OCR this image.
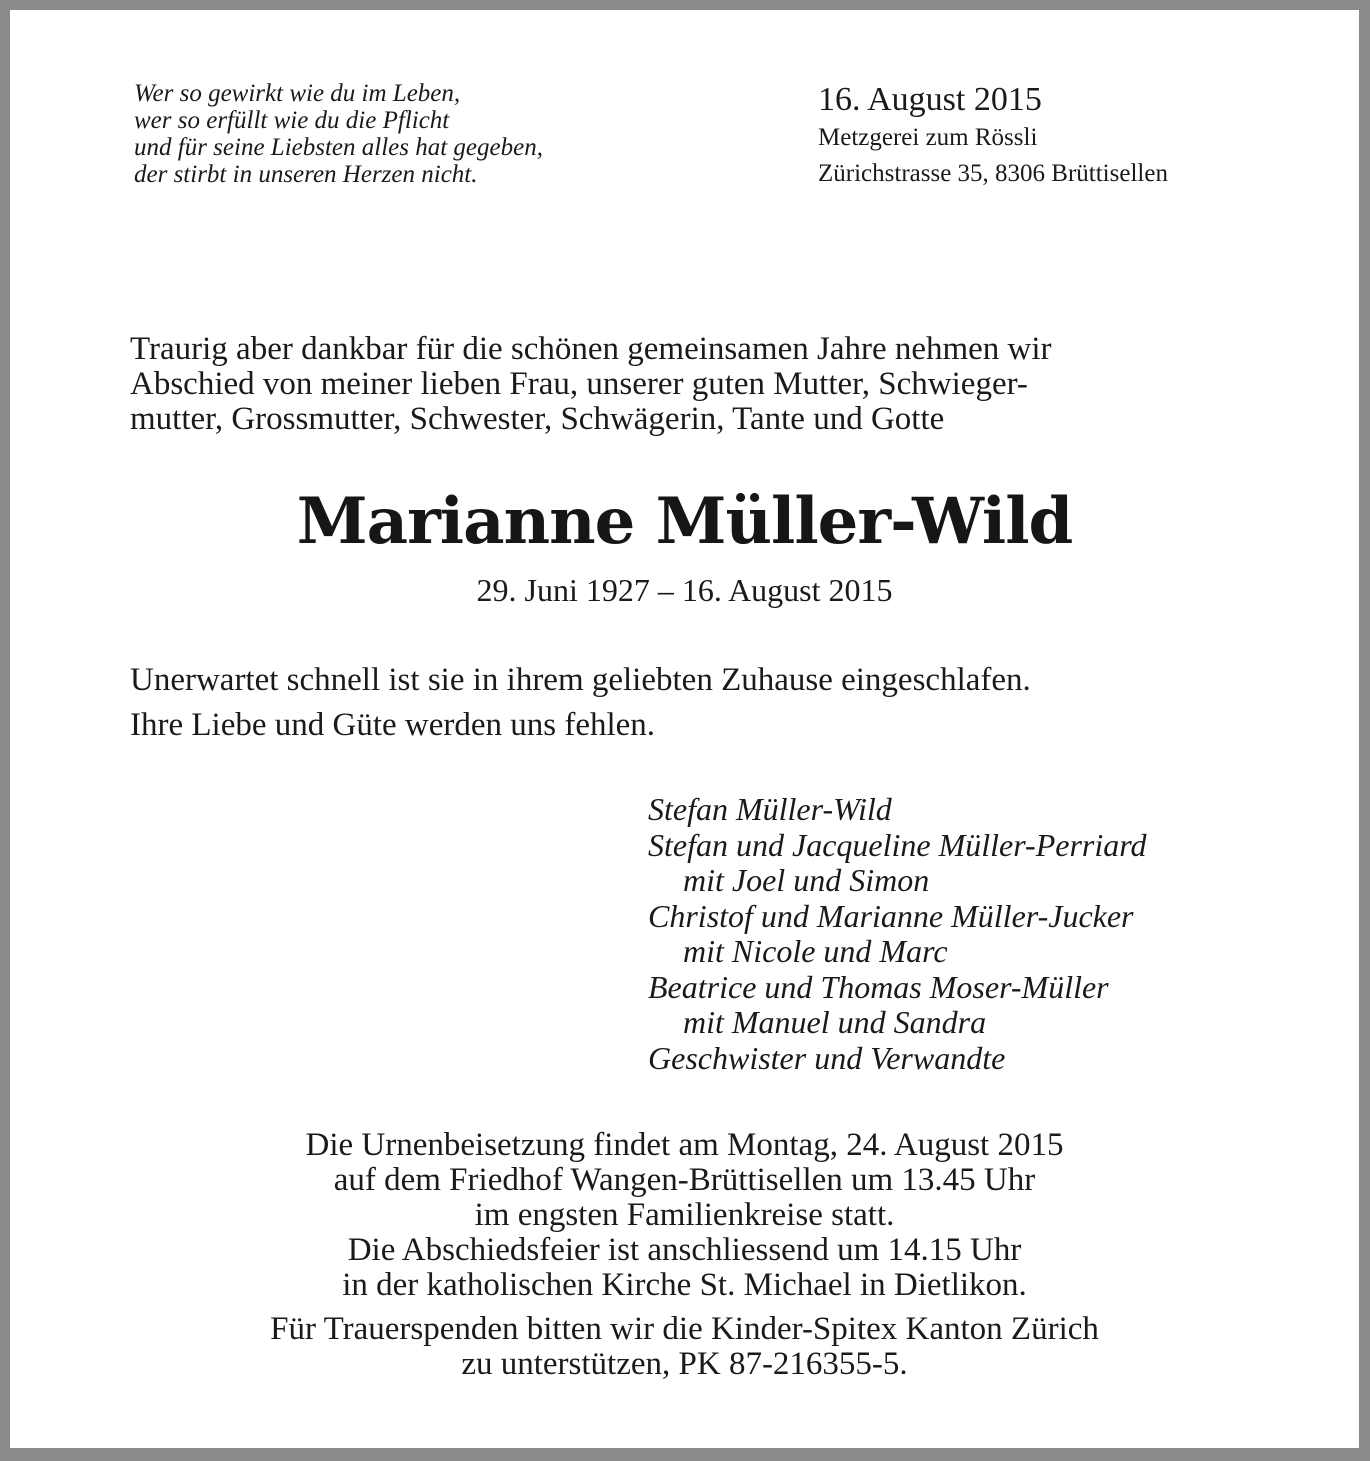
Wer so gewirkt wie du im Leben,
wer so erfüllt wie du die Pflicht
und für seine Liebsten alles hat gegeben,
der stirbt in unseren Herzen nicht.
16. August 2015
Metzgerei zum Rössli
Zürichstrasse 35, 8306 Brüttisellen
Traurig aber dankbar für die schönen gemeinsamen Jahre nehmen wir
Abschied von meiner lieben Frau, unserer guten Mutter, Schwieger-
mutter, Grossmutter, Schwester, Schwägerin, Tante und Gotte
Marianne Müller-Wild
29. Juni 1927 – 16. August 2015
Unerwartet schnell ist sie in ihrem geliebten Zuhause eingeschlafen.
Ihre Liebe und Güte werden uns fehlen.
Stefan Müller-Wild
Stefan und Jacqueline Müller-Perriard
mit Joel und Simon
Christof und Marianne Müller-Jucker
mit Nicole und Marc
Beatrice und Thomas Moser-Müller
mit Manuel und Sandra
Geschwister und Verwandte
Die Urnenbeisetzung findet am Montag, 24. August 2015
auf dem Friedhof Wangen-Brüttisellen um 13.45 Uhr
im engsten Familienkreise statt.
Die Abschiedsfeier ist anschliessend um 14.15 Uhr
in der katholischen Kirche St. Michael in Dietlikon.
Für Trauerspenden bitten wir die Kinder-Spitex Kanton Zürich
zu unterstützen, PK 87-216355-5.
